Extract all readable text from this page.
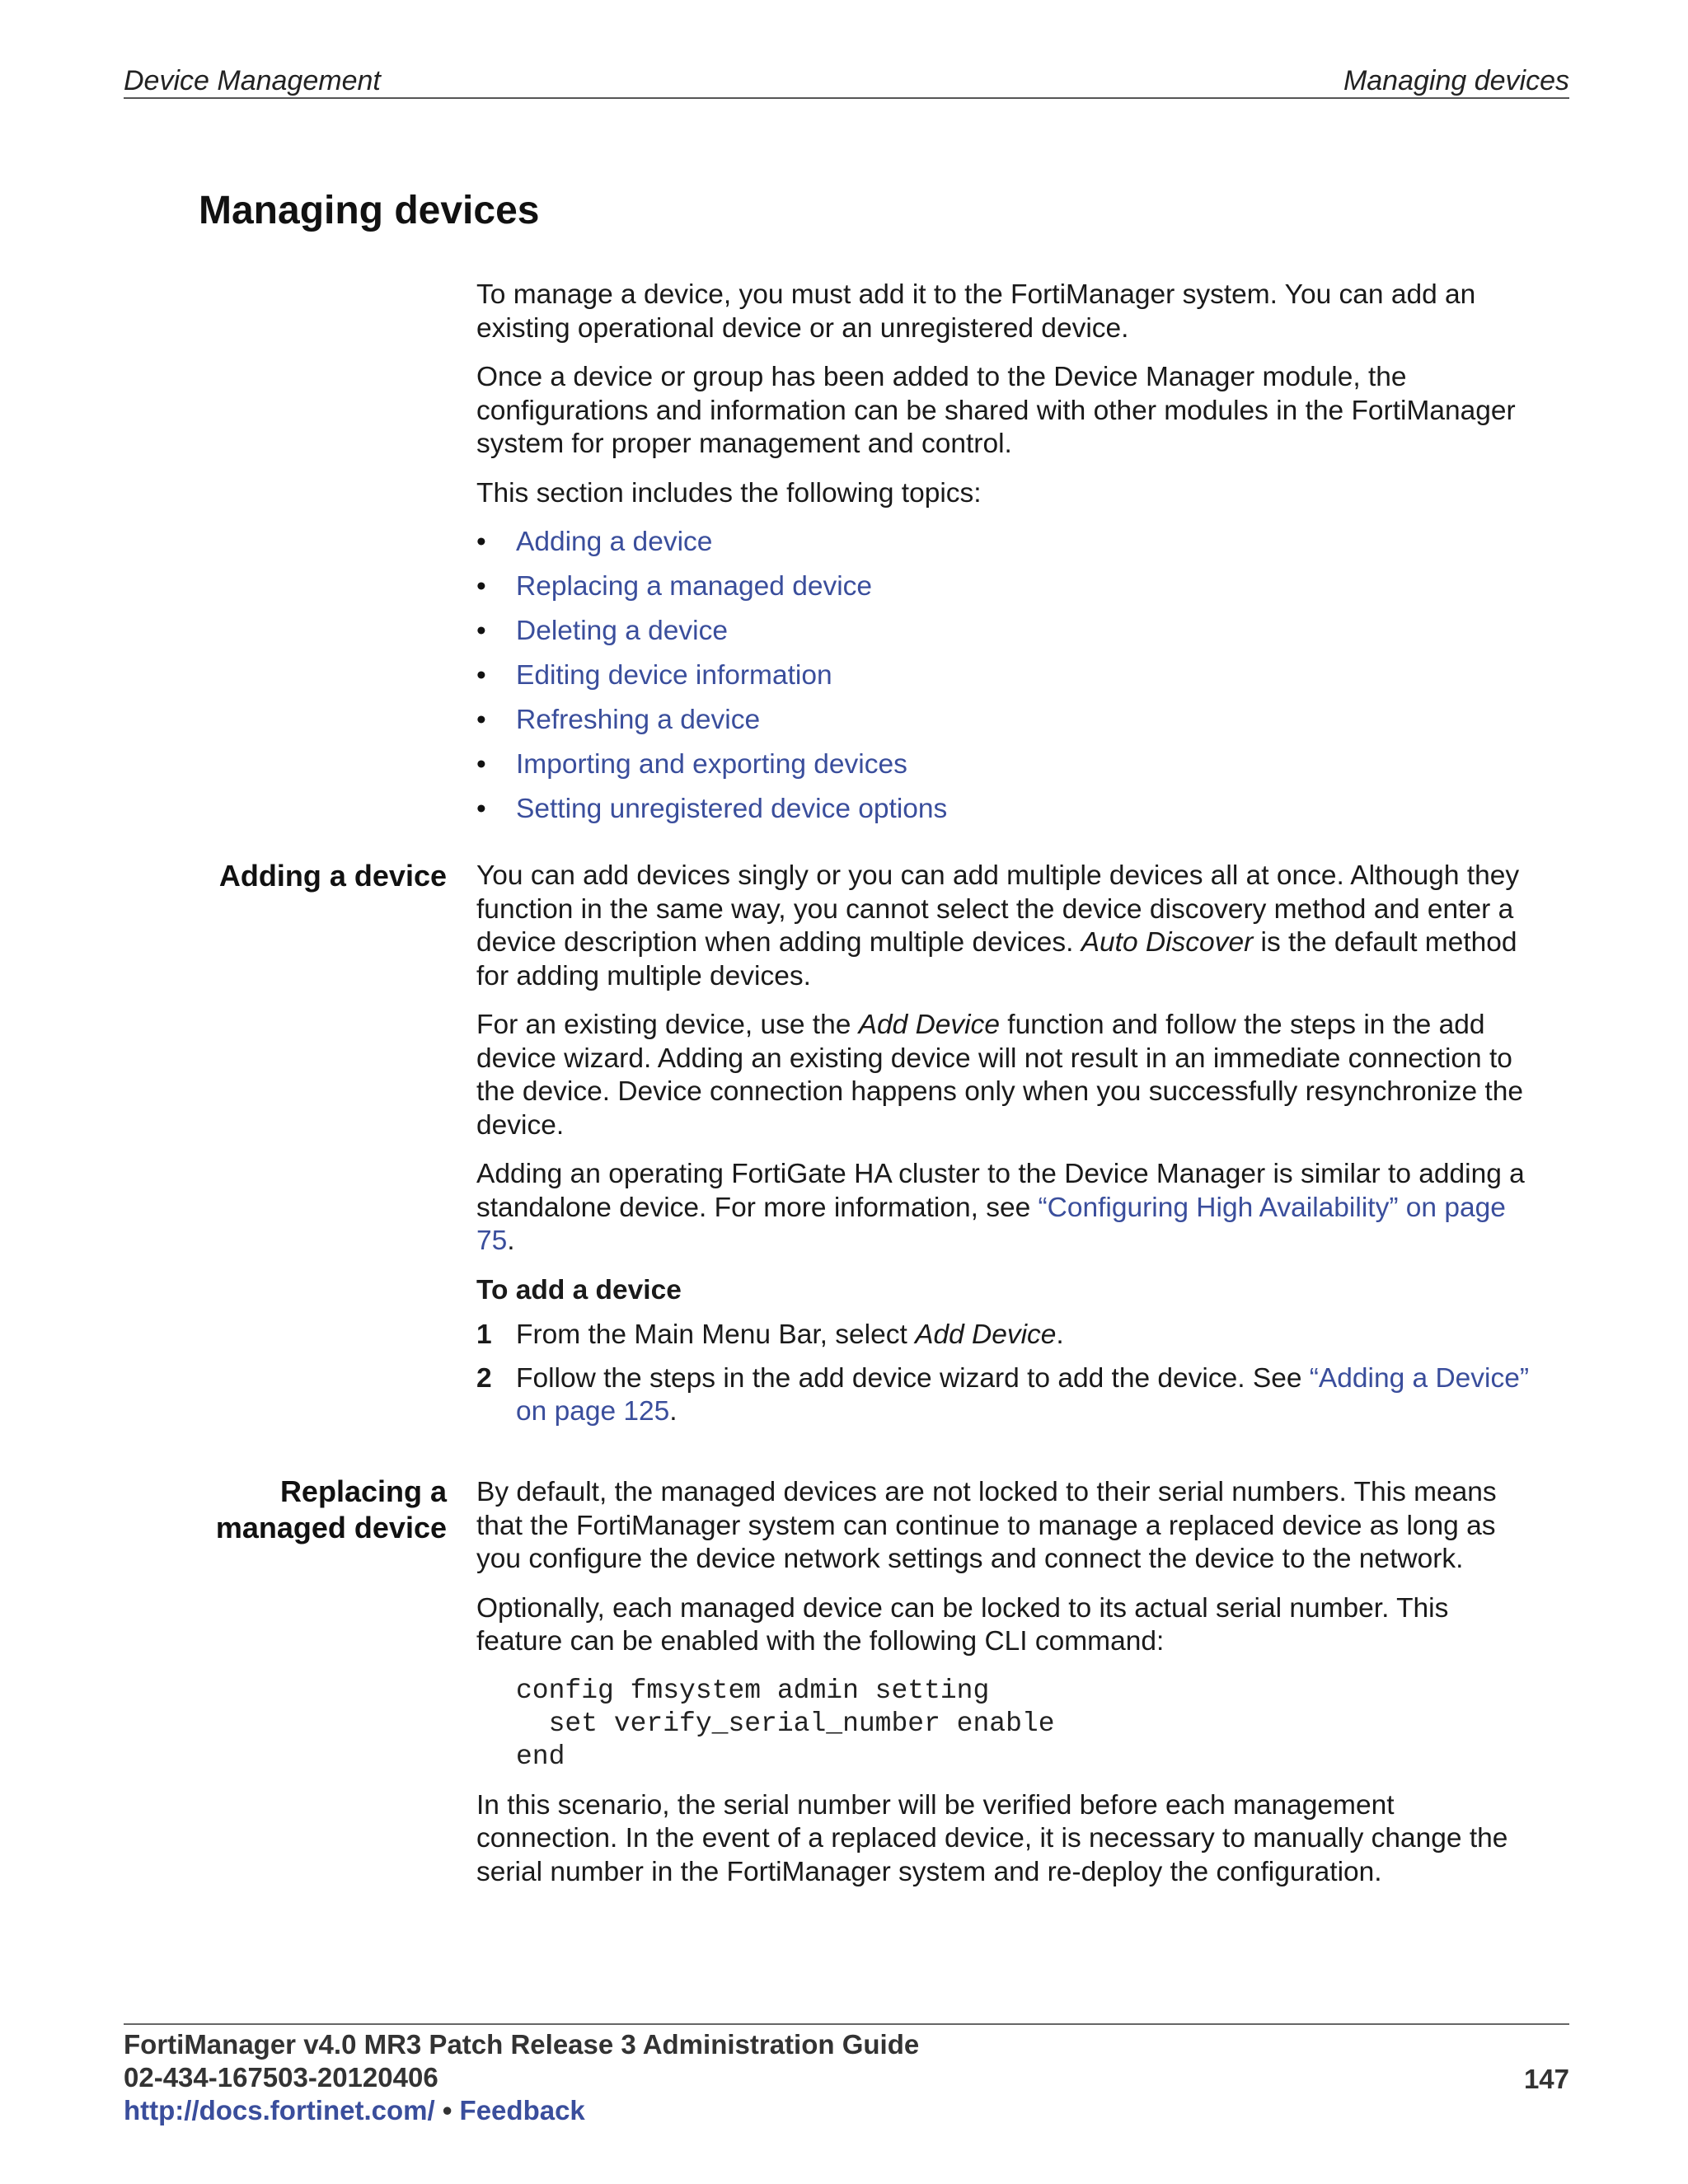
Device Management	Managing devices
Managing devices

To manage a device, you must add it to the FortiManager system. You can add an existing operational device or an unregistered device.

Once a device or group has been added to the Device Manager module, the configurations and information can be shared with other modules in the FortiManager system for proper management and control.

This section includes the following topics:

• Adding a device
• Replacing a managed device
• Deleting a device
• Editing device information
• Refreshing a device
• Importing and exporting devices
• Setting unregistered device options
Adding a device You can add devices singly or you can add multiple devices all at once. Although they function in the same way, you cannot select the device discovery method and enter a device description when adding multiple devices. Auto Discover is the default method for adding multiple devices.

For an existing device, use the Add Device function and follow the steps in the add device wizard. Adding an existing device will not result in an immediate connection to the device. Device connection happens only when you successfully resynchronize the device.

Adding an operating FortiGate HA cluster to the Device Manager is similar to adding a standalone device. For more information, see “Configuring High Availability” on page 75.

To add a device

1 From the Main Menu Bar, select Add Device.
2 Follow the steps in the add device wizard to add the device. See “Adding a Device” on page 125.
Replacing a
managed device

By default, the managed devices are not locked to their serial numbers. This means that the FortiManager system can continue to manage a replaced device as long as you configure the device network settings and connect the device to the network.

Optionally, each managed device can be locked to its actual serial number. This feature can be enabled with the following CLI command:

config fmsystem admin setting
set verify_serial_number enable
end

In this scenario, the serial number will be verified before each management connection. In the event of a replaced device, it is necessary to manually change the serial number in the FortiManager system and re-deploy the configuration.

FortiManager v4.0 MR3 Patch Release 3 Administration Guide
02-434-167503-20120406
http://docs.fortinet.com/ • Feedback
147
